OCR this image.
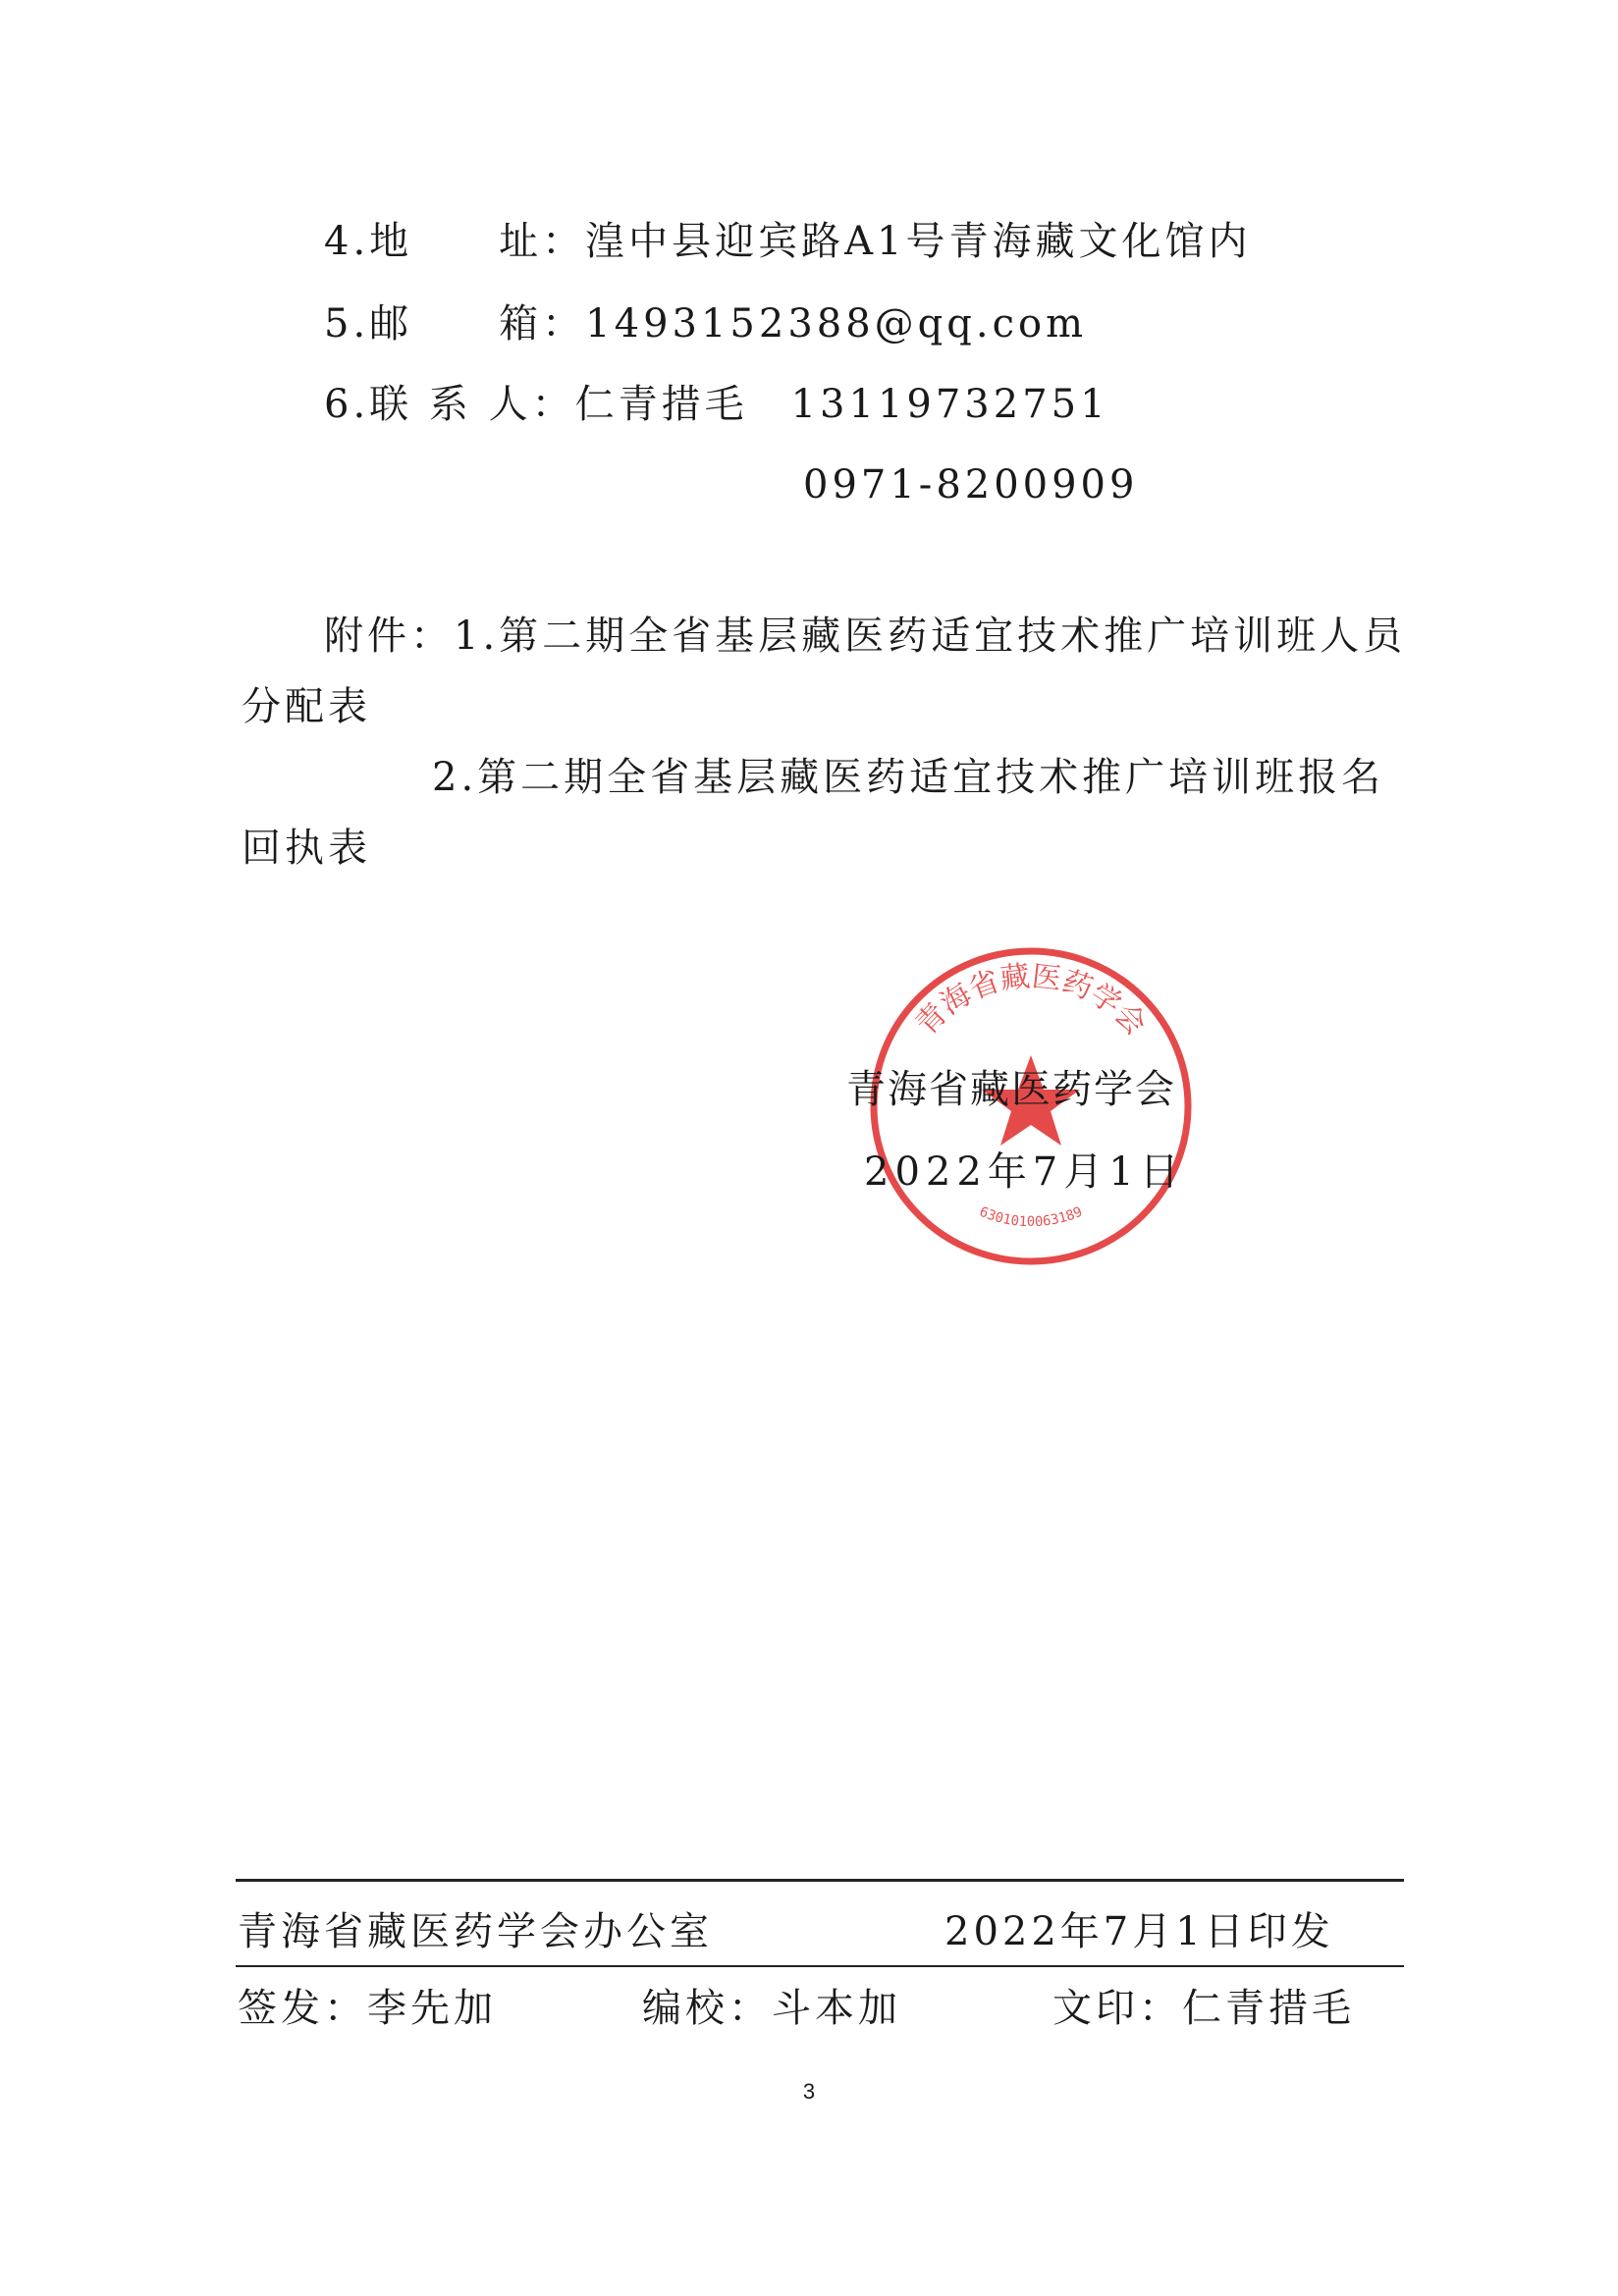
4.地　　址：湟中县迎宾路A1号青海藏文化馆内
5.邮　　箱：1493152388@qq.com
6.联 系 人：仁青措毛 13119732751
0971-8200909
附件：1.第二期全省基层藏医药适宜技术推广培训班人员
分配表
2.第二期全省基层藏医药适宜技术推广培训班报名
回执表
青海省藏医药学会
6301010063189
青海省藏医药学会
2022年7月1日
青海省藏医药学会办公室	2022年7月1日印发
签发：李先加	编校：斗本加	文印：仁青措毛
3
